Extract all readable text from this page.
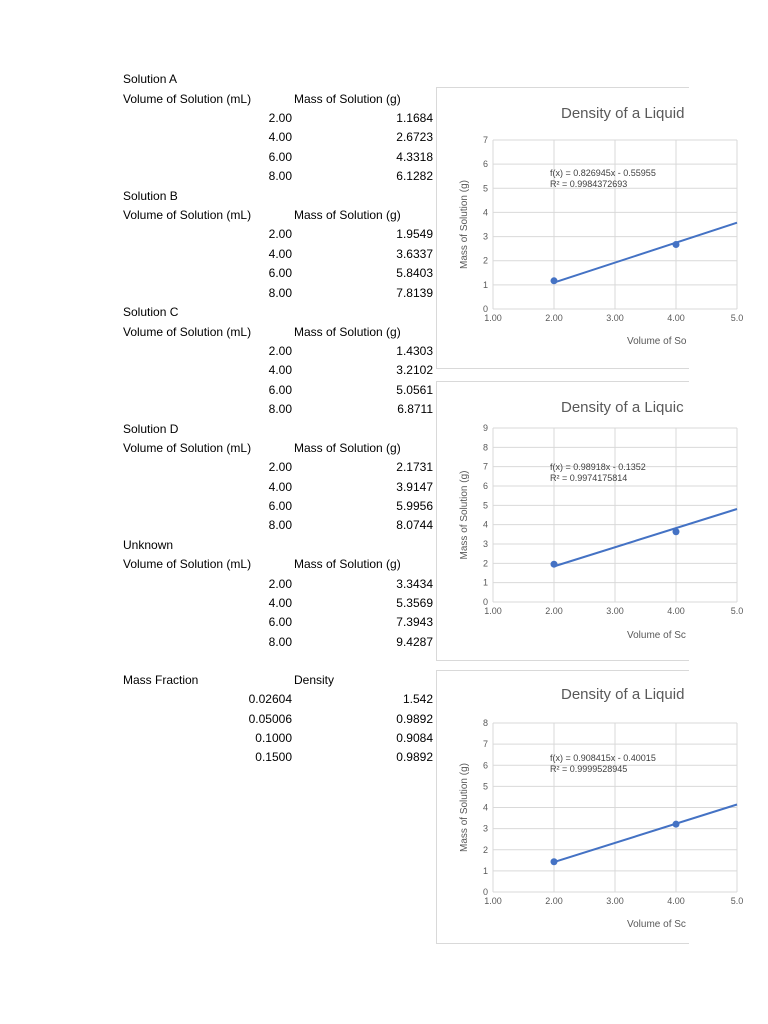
Solution A
Volume of Solution (mL)	Mass of Solution (g)
2.00	1.1684
4.00	2.6723
6.00	4.3318
8.00	6.1282
Solution B
Volume of Solution (mL)	Mass of Solution (g)
2.00	1.9549
4.00	3.6337
6.00	5.8403
8.00	7.8139
Solution C
Volume of Solution (mL)	Mass of Solution (g)
2.00	1.4303
4.00	3.2102
6.00	5.0561
8.00	6.8711
Solution D
Volume of Solution (mL)	Mass of Solution (g)
2.00	2.1731
4.00	3.9147
6.00	5.9956
8.00	8.0744
Unknown
Volume of Solution (mL)	Mass of Solution (g)
2.00	3.3434
4.00	5.3569
6.00	7.3943
8.00	9.4287
Mass Fraction	Density
0.02604	1.542
0.05006	0.9892
0.1000	0.9084
0.1500	0.9892
0
1
2
3
4
5
6
7
1.00	2.00	3.00	4.00	5.0
Density of a Liquid
f(x) = 0.826945x - 0.55955
R² = 0.9984372693
Mass of Solution (g)
Volume of So
0
1
2
3
4
5
6
7
8
9
1.00	2.00	3.00	4.00	5.0
Density of a Liquic
f(x) = 0.98918x - 0.1352
R² = 0.9974175814
Mass of Solution (g)
Volume of Sc
0
1
2
3
4
5
6
7
8
1.00	2.00	3.00	4.00	5.0
Density of a Liquid
f(x) = 0.908415x - 0.40015
R² = 0.9999528945
Mass of Solution (g)
Volume of Sc
